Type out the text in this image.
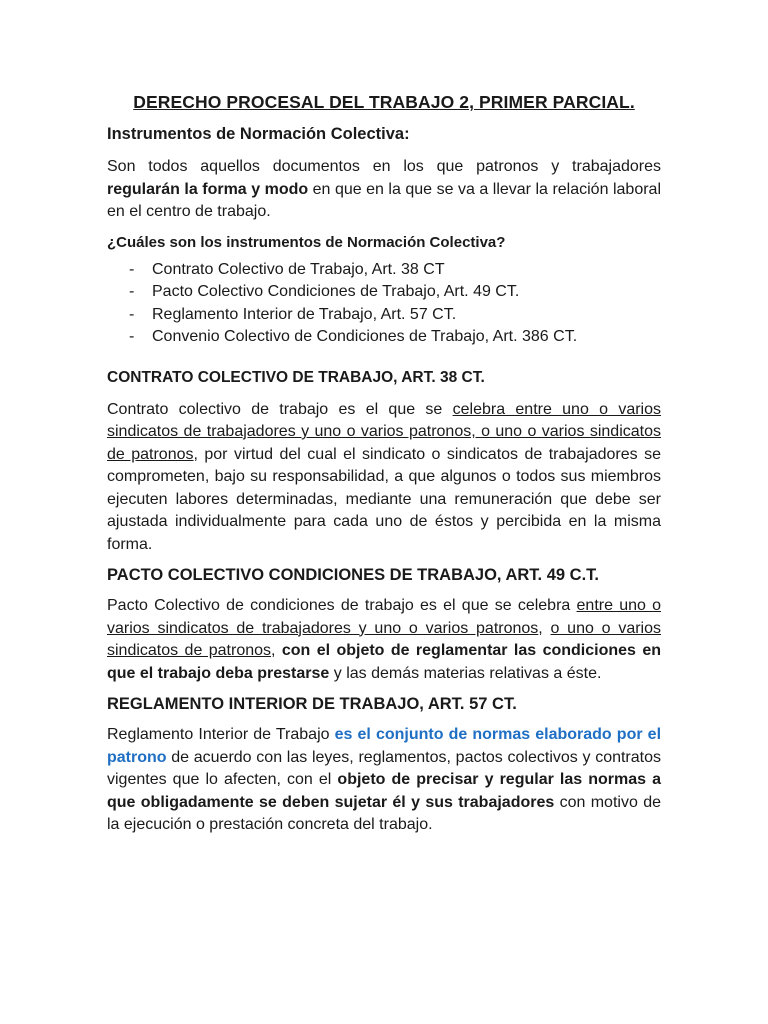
DERECHO PROCESAL DEL TRABAJO 2, PRIMER PARCIAL.
Instrumentos de Normación Colectiva:

Son todos aquellos documentos en los que patronos y trabajadores regularán la forma y modo en que en la que se va a llevar la relación laboral en el centro de trabajo.

¿Cuáles son los instrumentos de Normación Colectiva?
- Contrato Colectivo de Trabajo, Art. 38 CT
- Pacto Colectivo Condiciones de Trabajo, Art. 49 CT.
- Reglamento Interior de Trabajo, Art. 57 CT.
- Convenio Colectivo de Condiciones de Trabajo, Art. 386 CT.
CONTRATO COLECTIVO DE TRABAJO, ART. 38 CT.

Contrato colectivo de trabajo es el que se celebra entre uno o varios sindicatos de trabajadores y uno o varios patronos, o uno o varios sindicatos de patronos, por virtud del cual el sindicato o sindicatos de trabajadores se comprometen, bajo su responsabilidad, a que algunos o todos sus miembros ejecuten labores determinadas, mediante una remuneración que debe ser ajustada individualmente para cada uno de éstos y percibida en la misma forma.

PACTO COLECTIVO CONDICIONES DE TRABAJO, ART. 49 C.T.

Pacto Colectivo de condiciones de trabajo es el que se celebra entre uno o varios sindicatos de trabajadores y uno o varios patronos, o uno o varios sindicatos de patronos, con el objeto de reglamentar las condiciones en que el trabajo deba prestarse y las demás materias relativas a éste.

REGLAMENTO INTERIOR DE TRABAJO, ART. 57 CT.

Reglamento Interior de Trabajo es el conjunto de normas elaborado por el patrono de acuerdo con las leyes, reglamentos, pactos colectivos y contratos vigentes que lo afecten, con el objeto de precisar y regular las normas a que obligadamente se deben sujetar él y sus trabajadores con motivo de la ejecución o prestación concreta del trabajo.
